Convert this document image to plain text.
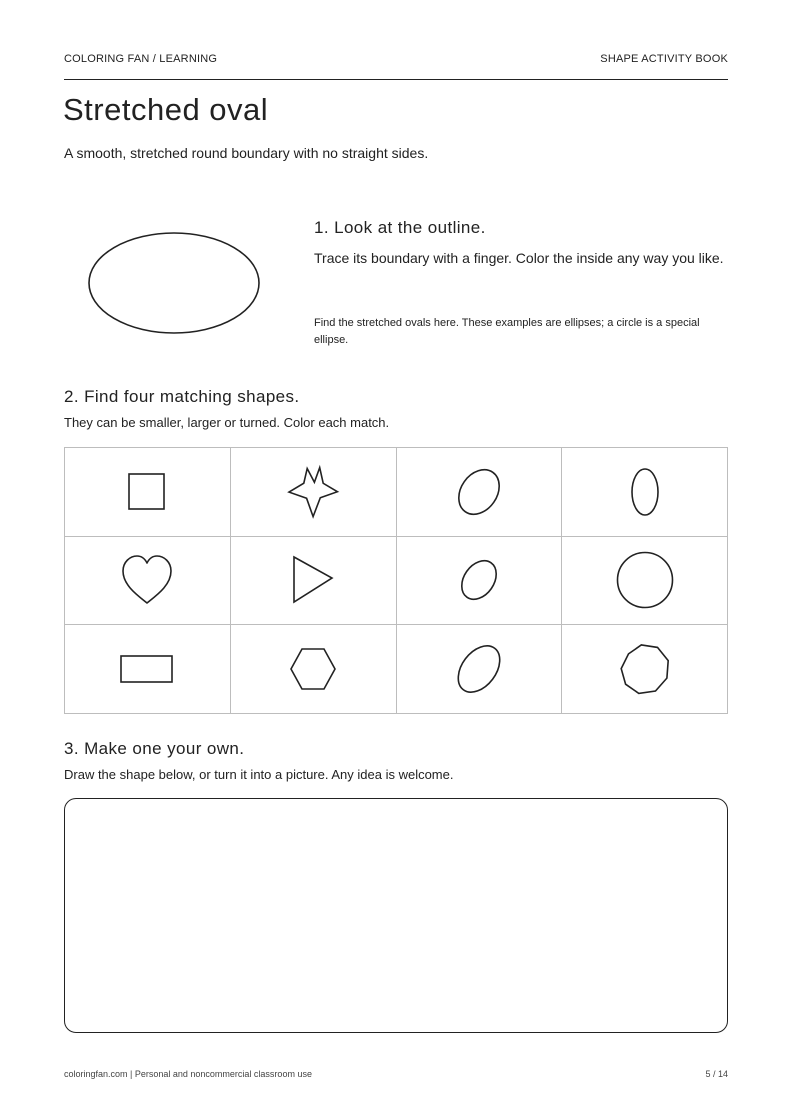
COLORING FAN / LEARNING	SHAPE ACTIVITY BOOK
Stretched oval
A smooth, stretched round boundary with no straight sides.
1. Look at the outline.
Trace its boundary with a finger. Color the inside any way you like.
Find the stretched ovals here. These examples are ellipses; a circle is a special ellipse.
2. Find four matching shapes.
They can be smaller, larger or turned. Color each match.
3. Make one your own.
Draw the shape below, or turn it into a picture. Any idea is welcome.
coloringfan.com | Personal and noncommercial classroom use	5 / 14
